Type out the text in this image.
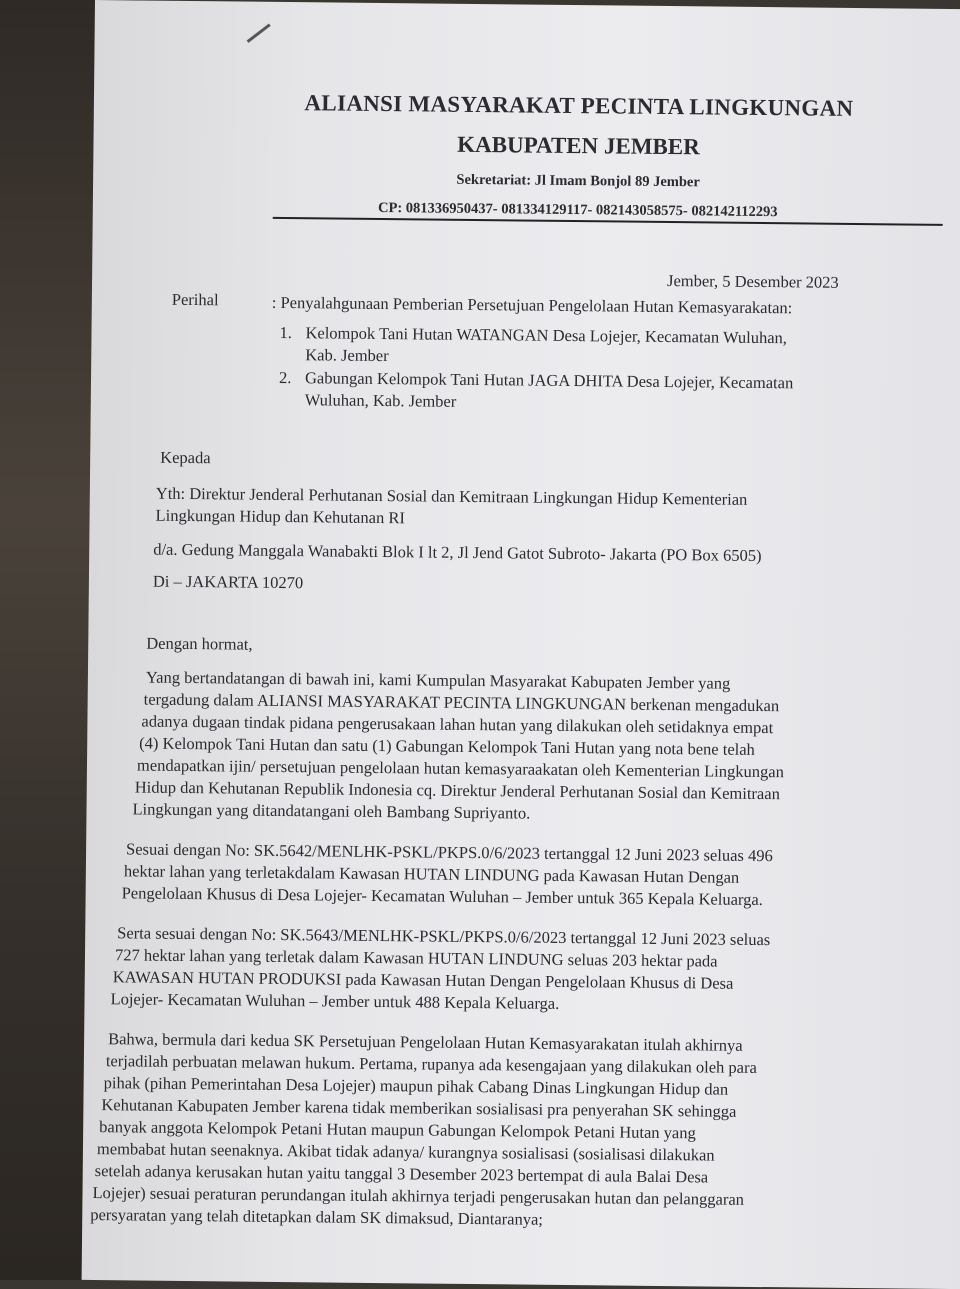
ALIANSI MASYARAKAT PECINTA LINGKUNGAN
KABUPATEN JEMBER
Sekretariat: Jl Imam Bonjol 89 Jember
CP: 081336950437- 081334129117- 082143058575- 082142112293
Jember, 5 Desember 2023
Perihal	: Penyalahgunaan Pemberian Persetujuan Pengelolaan Hutan Kemasyarakatan:
1. Kelompok Tani Hutan WATANGAN Desa Lojejer, Kecamatan Wuluhan,
Kab. Jember
2. Gabungan Kelompok Tani Hutan JAGA DHITA Desa Lojejer, Kecamatan
Wuluhan, Kab. Jember
Kepada
Yth: Direktur Jenderal Perhutanan Sosial dan Kemitraan Lingkungan Hidup Kementerian
Lingkungan Hidup dan Kehutanan RI
d/a. Gedung Manggala Wanabakti Blok I lt 2, Jl Jend Gatot Subroto- Jakarta (PO Box 6505)
Di – JAKARTA 10270
Dengan hormat,
Yang bertandatangan di bawah ini, kami Kumpulan Masyarakat Kabupaten Jember yang
tergadung dalam ALIANSI MASYARAKAT PECINTA LINGKUNGAN berkenan mengadukan
adanya dugaan tindak pidana pengerusakaan lahan hutan yang dilakukan oleh setidaknya empat
(4) Kelompok Tani Hutan dan satu (1) Gabungan Kelompok Tani Hutan yang nota bene telah
mendapatkan ijin/ persetujuan pengelolaan hutan kemasyaraakatan oleh Kementerian Lingkungan
Hidup dan Kehutanan Republik Indonesia cq. Direktur Jenderal Perhutanan Sosial dan Kemitraan
Lingkungan yang ditandatangani oleh Bambang Supriyanto.
Sesuai dengan No: SK.5642/MENLHK-PSKL/PKPS.0/6/2023 tertanggal 12 Juni 2023 seluas 496
hektar lahan yang terletakdalam Kawasan HUTAN LINDUNG pada Kawasan Hutan Dengan
Pengelolaan Khusus di Desa Lojejer- Kecamatan Wuluhan – Jember untuk 365 Kepala Keluarga.
Serta sesuai dengan No: SK.5643/MENLHK-PSKL/PKPS.0/6/2023 tertanggal 12 Juni 2023 seluas
727 hektar lahan yang terletak dalam Kawasan HUTAN LINDUNG seluas 203 hektar pada
KAWASAN HUTAN PRODUKSI pada Kawasan Hutan Dengan Pengelolaan Khusus di Desa
Lojejer- Kecamatan Wuluhan – Jember untuk 488 Kepala Keluarga.
Bahwa, bermula dari kedua SK Persetujuan Pengelolaan Hutan Kemasyarakatan itulah akhirnya
terjadilah perbuatan melawan hukum. Pertama, rupanya ada kesengajaan yang dilakukan oleh para
pihak (pihan Pemerintahan Desa Lojejer) maupun pihak Cabang Dinas Lingkungan Hidup dan
Kehutanan Kabupaten Jember karena tidak memberikan sosialisasi pra penyerahan SK sehingga
banyak anggota Kelompok Petani Hutan maupun Gabungan Kelompok Petani Hutan yang
membabat hutan seenaknya. Akibat tidak adanya/ kurangnya sosialisasi (sosialisasi dilakukan
setelah adanya kerusakan hutan yaitu tanggal 3 Desember 2023 bertempat di aula Balai Desa
Lojejer) sesuai peraturan perundangan itulah akhirnya terjadi pengerusakan hutan dan pelanggaran
persyaratan yang telah ditetapkan dalam SK dimaksud, Diantaranya;
